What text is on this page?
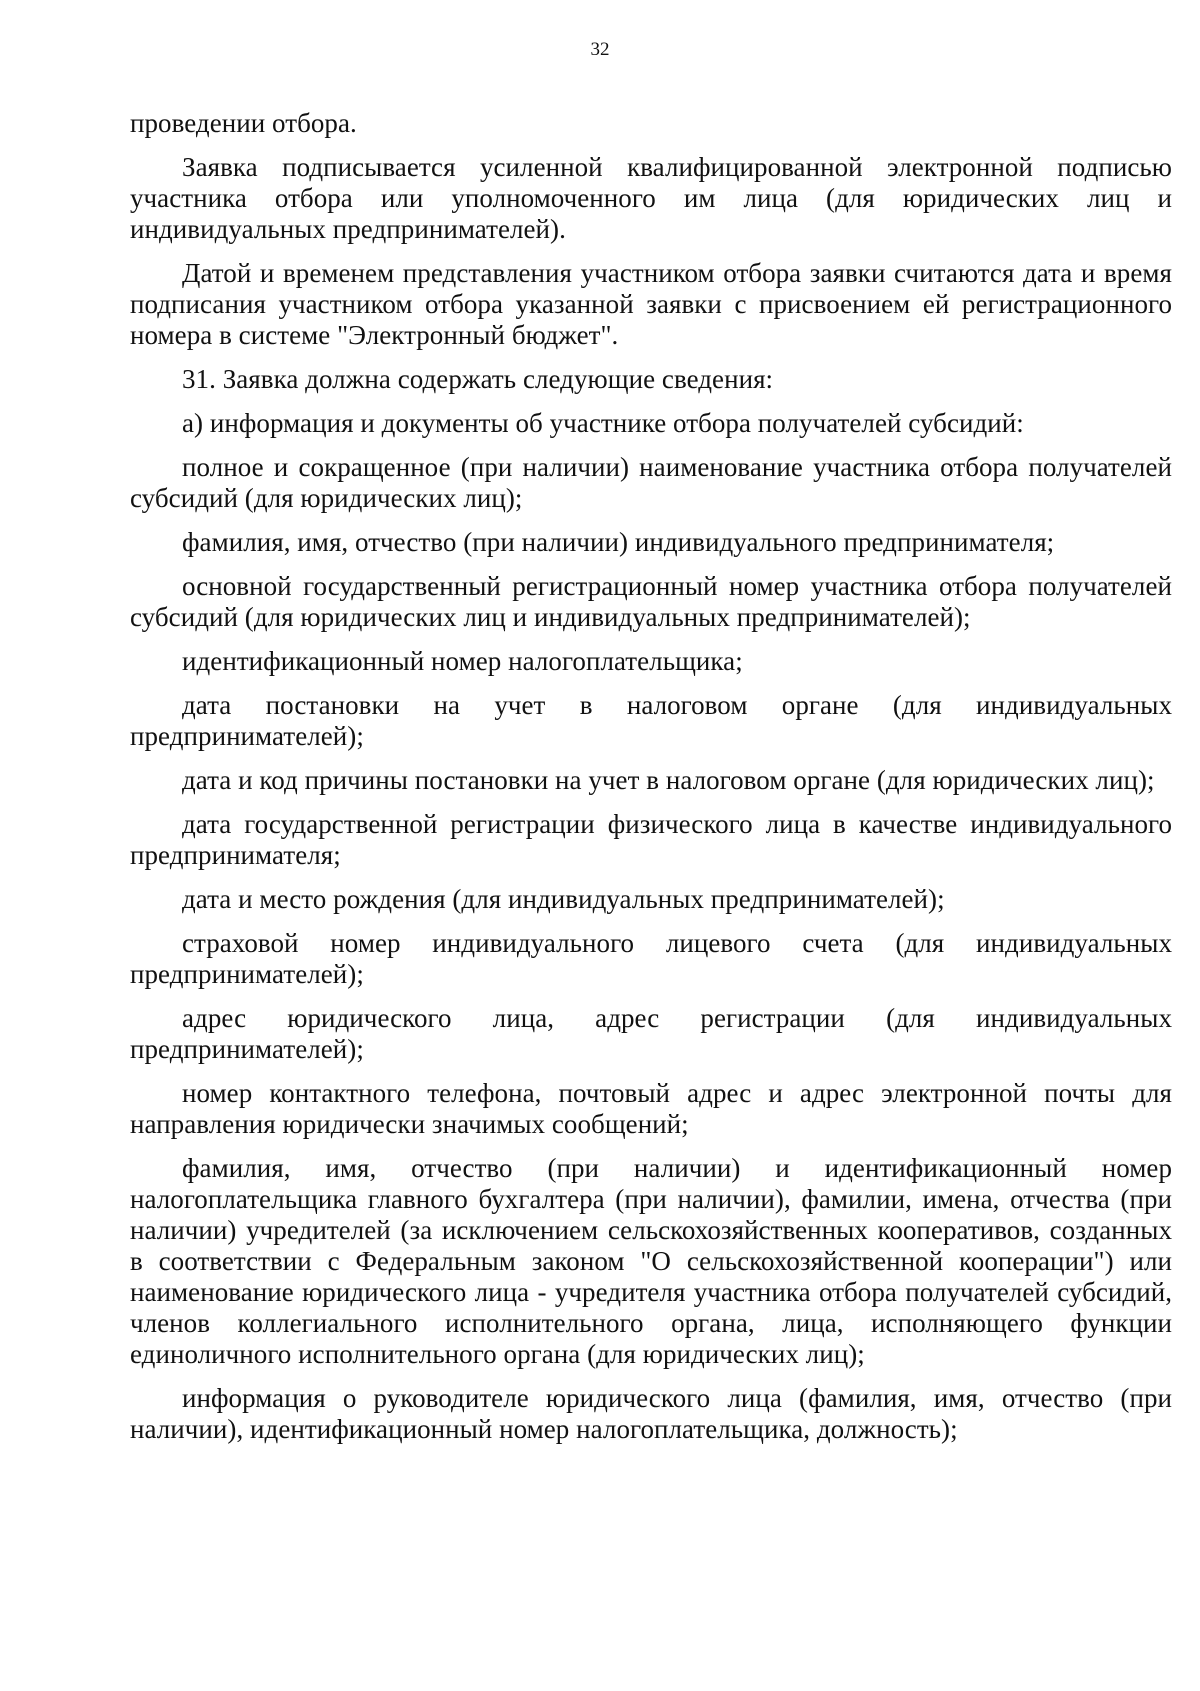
32

проведении отбора.

Заявка подписывается усиленной квалифицированной электронной подписью участника отбора или уполномоченного им лица (для юридических лиц и индивидуальных предпринимателей).

Датой и временем представления участником отбора заявки считаются дата и время подписания участником отбора указанной заявки с присвоением ей регистрационного номера в системе "Электронный бюджет".

31. Заявка должна содержать следующие сведения:

а) информация и документы об участнике отбора получателей субсидий:

полное и сокращенное (при наличии) наименование участника отбора получателей субсидий (для юридических лиц);

фамилия, имя, отчество (при наличии) индивидуального предпринимателя;

основной государственный регистрационный номер участника отбора получателей субсидий (для юридических лиц и индивидуальных предпринимателей);

идентификационный номер налогоплательщика;

дата постановки на учет в налоговом органе (для индивидуальных предпринимателей);

дата и код причины постановки на учет в налоговом органе (для юридических лиц);

дата государственной регистрации физического лица в качестве индивидуального предпринимателя;

дата и место рождения (для индивидуальных предпринимателей);

страховой номер индивидуального лицевого счета (для индивидуальных предпринимателей);

адрес юридического лица, адрес регистрации (для индивидуальных предпринимателей);

номер контактного телефона, почтовый адрес и адрес электронной почты для направления юридически значимых сообщений;

фамилия, имя, отчество (при наличии) и идентификационный номер налогоплательщика главного бухгалтера (при наличии), фамилии, имена, отчества (при наличии) учредителей (за исключением сельскохозяйственных кооперативов, созданных в соответствии с Федеральным законом "О сельскохозяйственной кооперации") или наименование юридического лица - учредителя участника отбора получателей субсидий, членов коллегиального исполнительного органа, лица, исполняющего функции единоличного исполнительного органа (для юридических лиц);

информация о руководителе юридического лица (фамилия, имя, отчество (при наличии), идентификационный номер налогоплательщика, должность);
